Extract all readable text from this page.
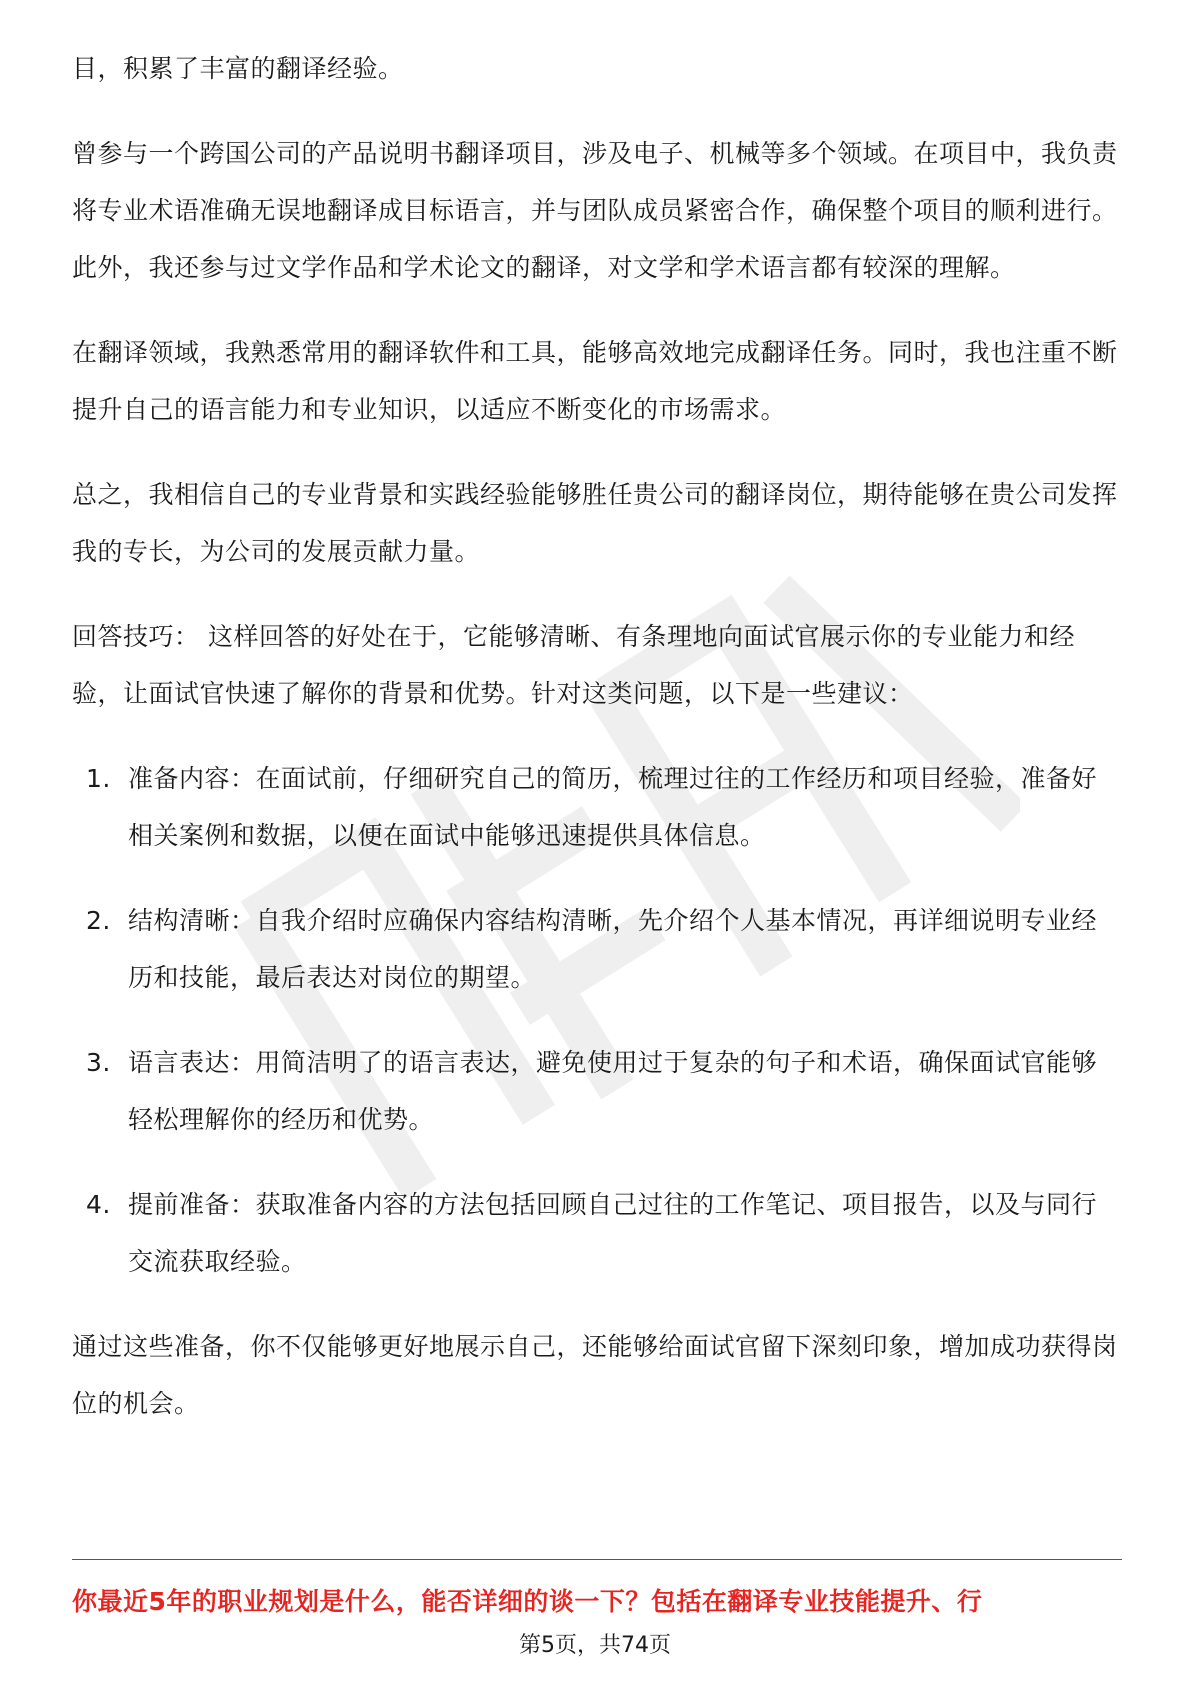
目，积累了丰富的翻译经验。

曾参与一个跨国公司的产品说明书翻译项目，涉及电子、机械等多个领域。在项目中，我负责将专业术语准确无误地翻译成目标语言，并与团队成员紧密合作，确保整个项目的顺利进行。此外，我还参与过文学作品和学术论文的翻译，对文学和学术语言都有较深的理解。

在翻译领域，我熟悉常用的翻译软件和工具，能够高效地完成翻译任务。同时，我也注重不断提升自己的语言能力和专业知识，以适应不断变化的市场需求。

总之，我相信自己的专业背景和实践经验能够胜任贵公司的翻译岗位，期待能够在贵公司发挥我的专长，为公司的发展贡献力量。

回答技巧： 这样回答的好处在于，它能够清晰、有条理地向面试官展示你的专业能力和经验，让面试官快速了解你的背景和优势。针对这类问题，以下是一些建议：

1. 准备内容：在面试前，仔细研究自己的简历，梳理过往的工作经历和项目经验，准备好相关案例和数据，以便在面试中能够迅速提供具体信息。
2. 结构清晰：自我介绍时应确保内容结构清晰，先介绍个人基本情况，再详细说明专业经历和技能，最后表达对岗位的期望。
3. 语言表达：用简洁明了的语言表达，避免使用过于复杂的句子和术语，确保面试官能够轻松理解你的经历和优势。
4. 提前准备：获取准备内容的方法包括回顾自己过往的工作笔记、项目报告，以及与同行交流获取经验。

通过这些准备，你不仅能够更好地展示自己，还能够给面试官留下深刻印象，增加成功获得岗位的机会。

你最近5年的职业规划是什么，能否详细的谈一下？包括在翻译专业技能提升、行
第5页，共74页
